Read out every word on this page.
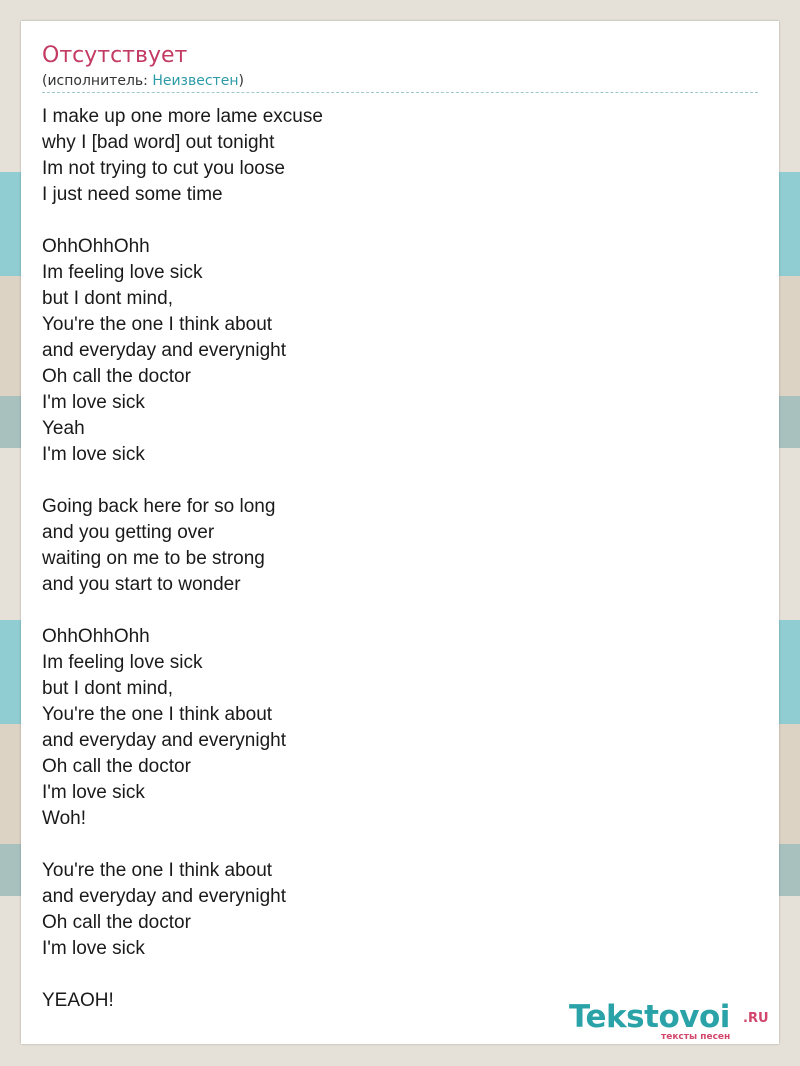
Отсутствует
(исполнитель: Неизвестен)
I make up one more lame excuse
why I [bad word] out tonight
Im not trying to cut you loose
I just need some time
OhhOhhOhh
Im feeling love sick
but I dont mind,
You're the one I think about
and everyday and everynight
Oh call the doctor
I'm love sick
Yeah
I'm love sick
Going back here for so long
and you getting over
waiting on me to be strong
and you start to wonder
OhhOhhOhh
Im feeling love sick
but I dont mind,
You're the one I think about
and everyday and everynight
Oh call the doctor
I'm love sick
Woh!
You're the one I think about
and everyday and everynight
Oh call the doctor
I'm love sick
YEAOH!	Tekstovoi .RU
тексты песен
